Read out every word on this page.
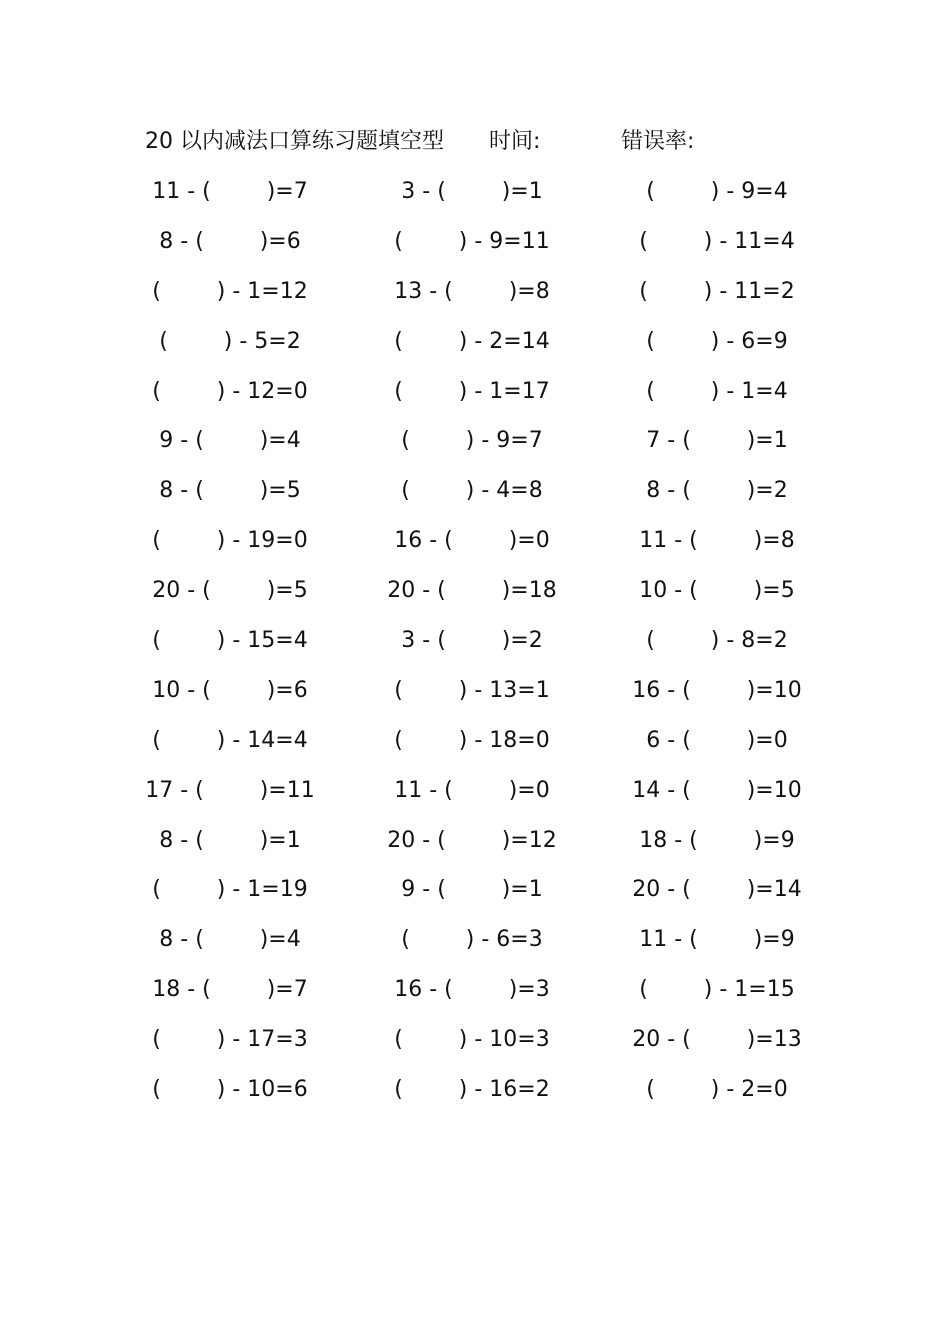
20 以内减法口算练习题填空型 时间:	错误率:
11 - (        )=7	3 - (        )=1	(        ) - 9=4
8 - (        )=6	(        ) - 9=11	(        ) - 11=4
(        ) - 1=12	13 - (        )=8	(        ) - 11=2
(        ) - 5=2	(        ) - 2=14	(        ) - 6=9
(        ) - 12=0	(        ) - 1=17	(        ) - 1=4
9 - (        )=4	(        ) - 9=7	7 - (        )=1
8 - (        )=5	(        ) - 4=8	8 - (        )=2
(        ) - 19=0	16 - (        )=0	11 - (        )=8
20 - (        )=5	20 - (        )=18	10 - (        )=5
(        ) - 15=4	3 - (        )=2	(        ) - 8=2
10 - (        )=6	(        ) - 13=1	16 - (        )=10
(        ) - 14=4	(        ) - 18=0	6 - (        )=0
17 - (        )=11	11 - (        )=0	14 - (        )=10
8 - (        )=1	20 - (        )=12	18 - (        )=9
(        ) - 1=19	9 - (        )=1	20 - (        )=14
8 - (        )=4	(        ) - 6=3	11 - (        )=9
18 - (        )=7	16 - (        )=3	(        ) - 1=15
(        ) - 17=3	(        ) - 10=3	20 - (        )=13
(        ) - 10=6	(        ) - 16=2	(        ) - 2=0
